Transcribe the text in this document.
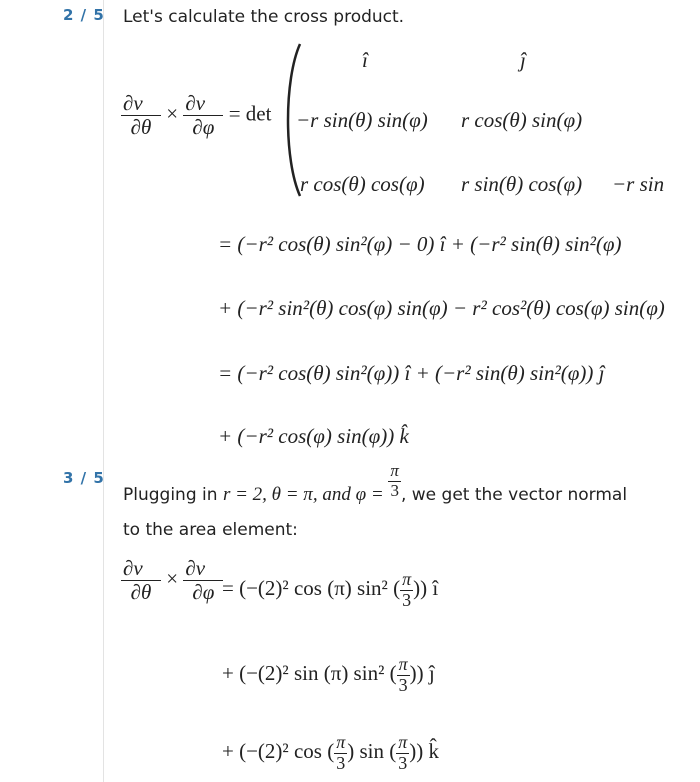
2 / 5 Let's calculate the cross product.
$\frac{\partial v⃗}{\partial\theta} \times \frac{\partial v⃗}{\partial\varphi} = \det$
î	ĵ
−r sin(θ) sin(φ) r cos(θ) sin(φ)
r cos(θ) cos(φ) r sin(θ) cos(φ) −r sin
= (−r² cos(θ) sin²(φ) − 0) î + (−r² sin(θ) sin²(φ)
+ (−r² sin²(θ) cos(φ) sin(φ) − r² cos²(θ) cos(φ) sin(φ)
= (−r² cos(θ) sin²(φ)) î + (−r² sin(θ) sin²(φ)) ĵ
+ (−r² cos(φ) sin(φ)) k̂
3 / 5
Plugging in r = 2, θ = π, and $\varphi = \frac{\pi}{3}$ , we get the vector normal
to the area element:
$\frac{\partial v⃗}{\partial\theta} \times \frac{\partial v⃗}{\partial\varphi}$
= (−(2)² cos (π) sin² ( $\frac{\pi}{3}$ )) î
+ (−(2)² sin (π) sin² ( $\frac{\pi}{3}$ )) ĵ
+ (−(2)² cos ( $\frac{\pi}{3}$ ) sin ( $\frac{\pi}{3}$ )) k̂
